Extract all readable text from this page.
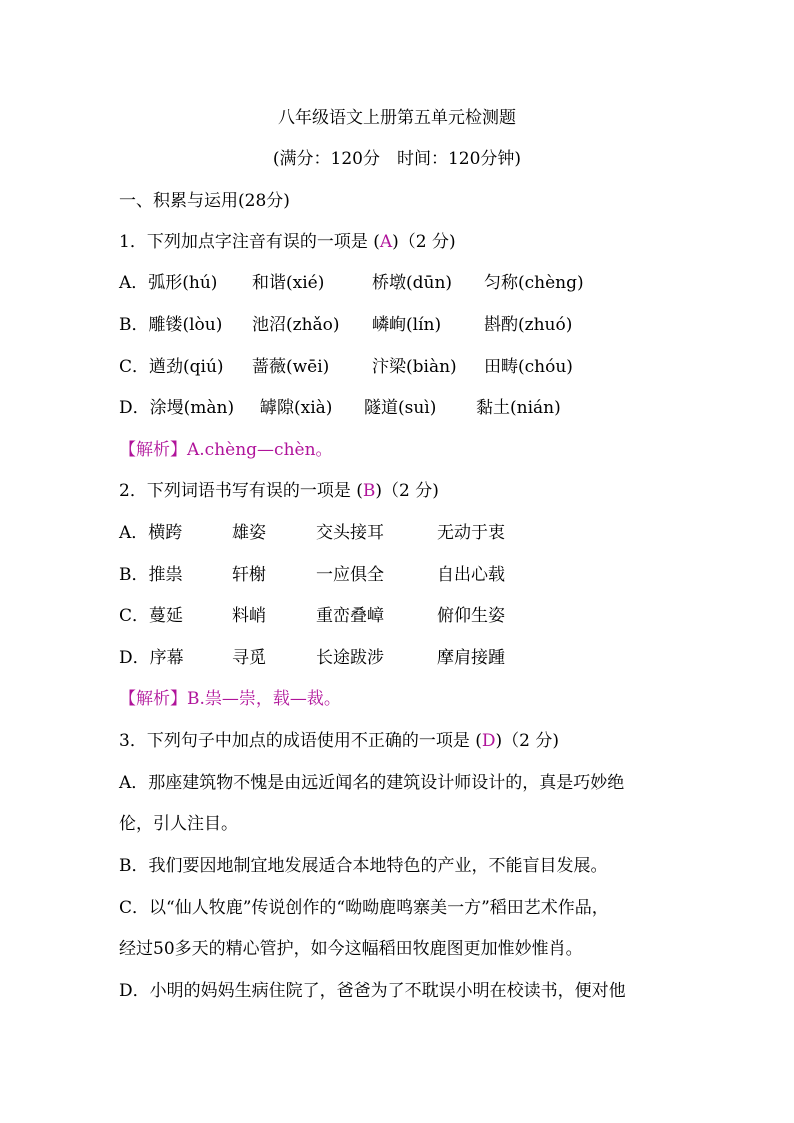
八年级语文上册第五单元检测题
(满分：120分　时间：120分钟)
一、积累与运用(28分)
1．下列加点字注音有误的一项是 (A)（2 分)
A．弧形(hú) 和谐(xié)	桥墩(dūn) 匀称(chèng)
B．雕镂(lòu) 池沼(zhǎo) 嶙峋(lín)	斟酌(zhuó)
C．遒劲(qiú) 蔷薇(wēi)	汴梁(biàn) 田畴(chóu)
D．涂墁(màn) 罅隙(xià) 隧道(suì) 黏土(nián)
【解析】A.chèng—chèn。
2．下列词语书写有误的一项是 (B)（2 分)
A．横跨	雄姿	交头接耳	无动于衷
B．推祟	轩榭	一应俱全	自出心载
C．蔓延	料峭	重峦叠嶂	俯仰生姿
D．序幕	寻觅	长途跋涉	摩肩接踵
【解析】B.祟—崇，载—裁。
3．下列句子中加点的成语使用不正确的一项是 (D)（2 分)
A．那座建筑物不愧是由远近闻名的建筑设计师设计的，真是巧妙绝
伦，引人注目。
B．我们要因地制宜地发展适合本地特色的产业，不能盲目发展。
C．以“仙人牧鹿”传说创作的“呦呦鹿鸣寨美一方”稻田艺术作品，
经过50多天的精心管护，如今这幅稻田牧鹿图更加惟妙惟肖。
D．小明的妈妈生病住院了，爸爸为了不耽误小明在校读书，便对他
